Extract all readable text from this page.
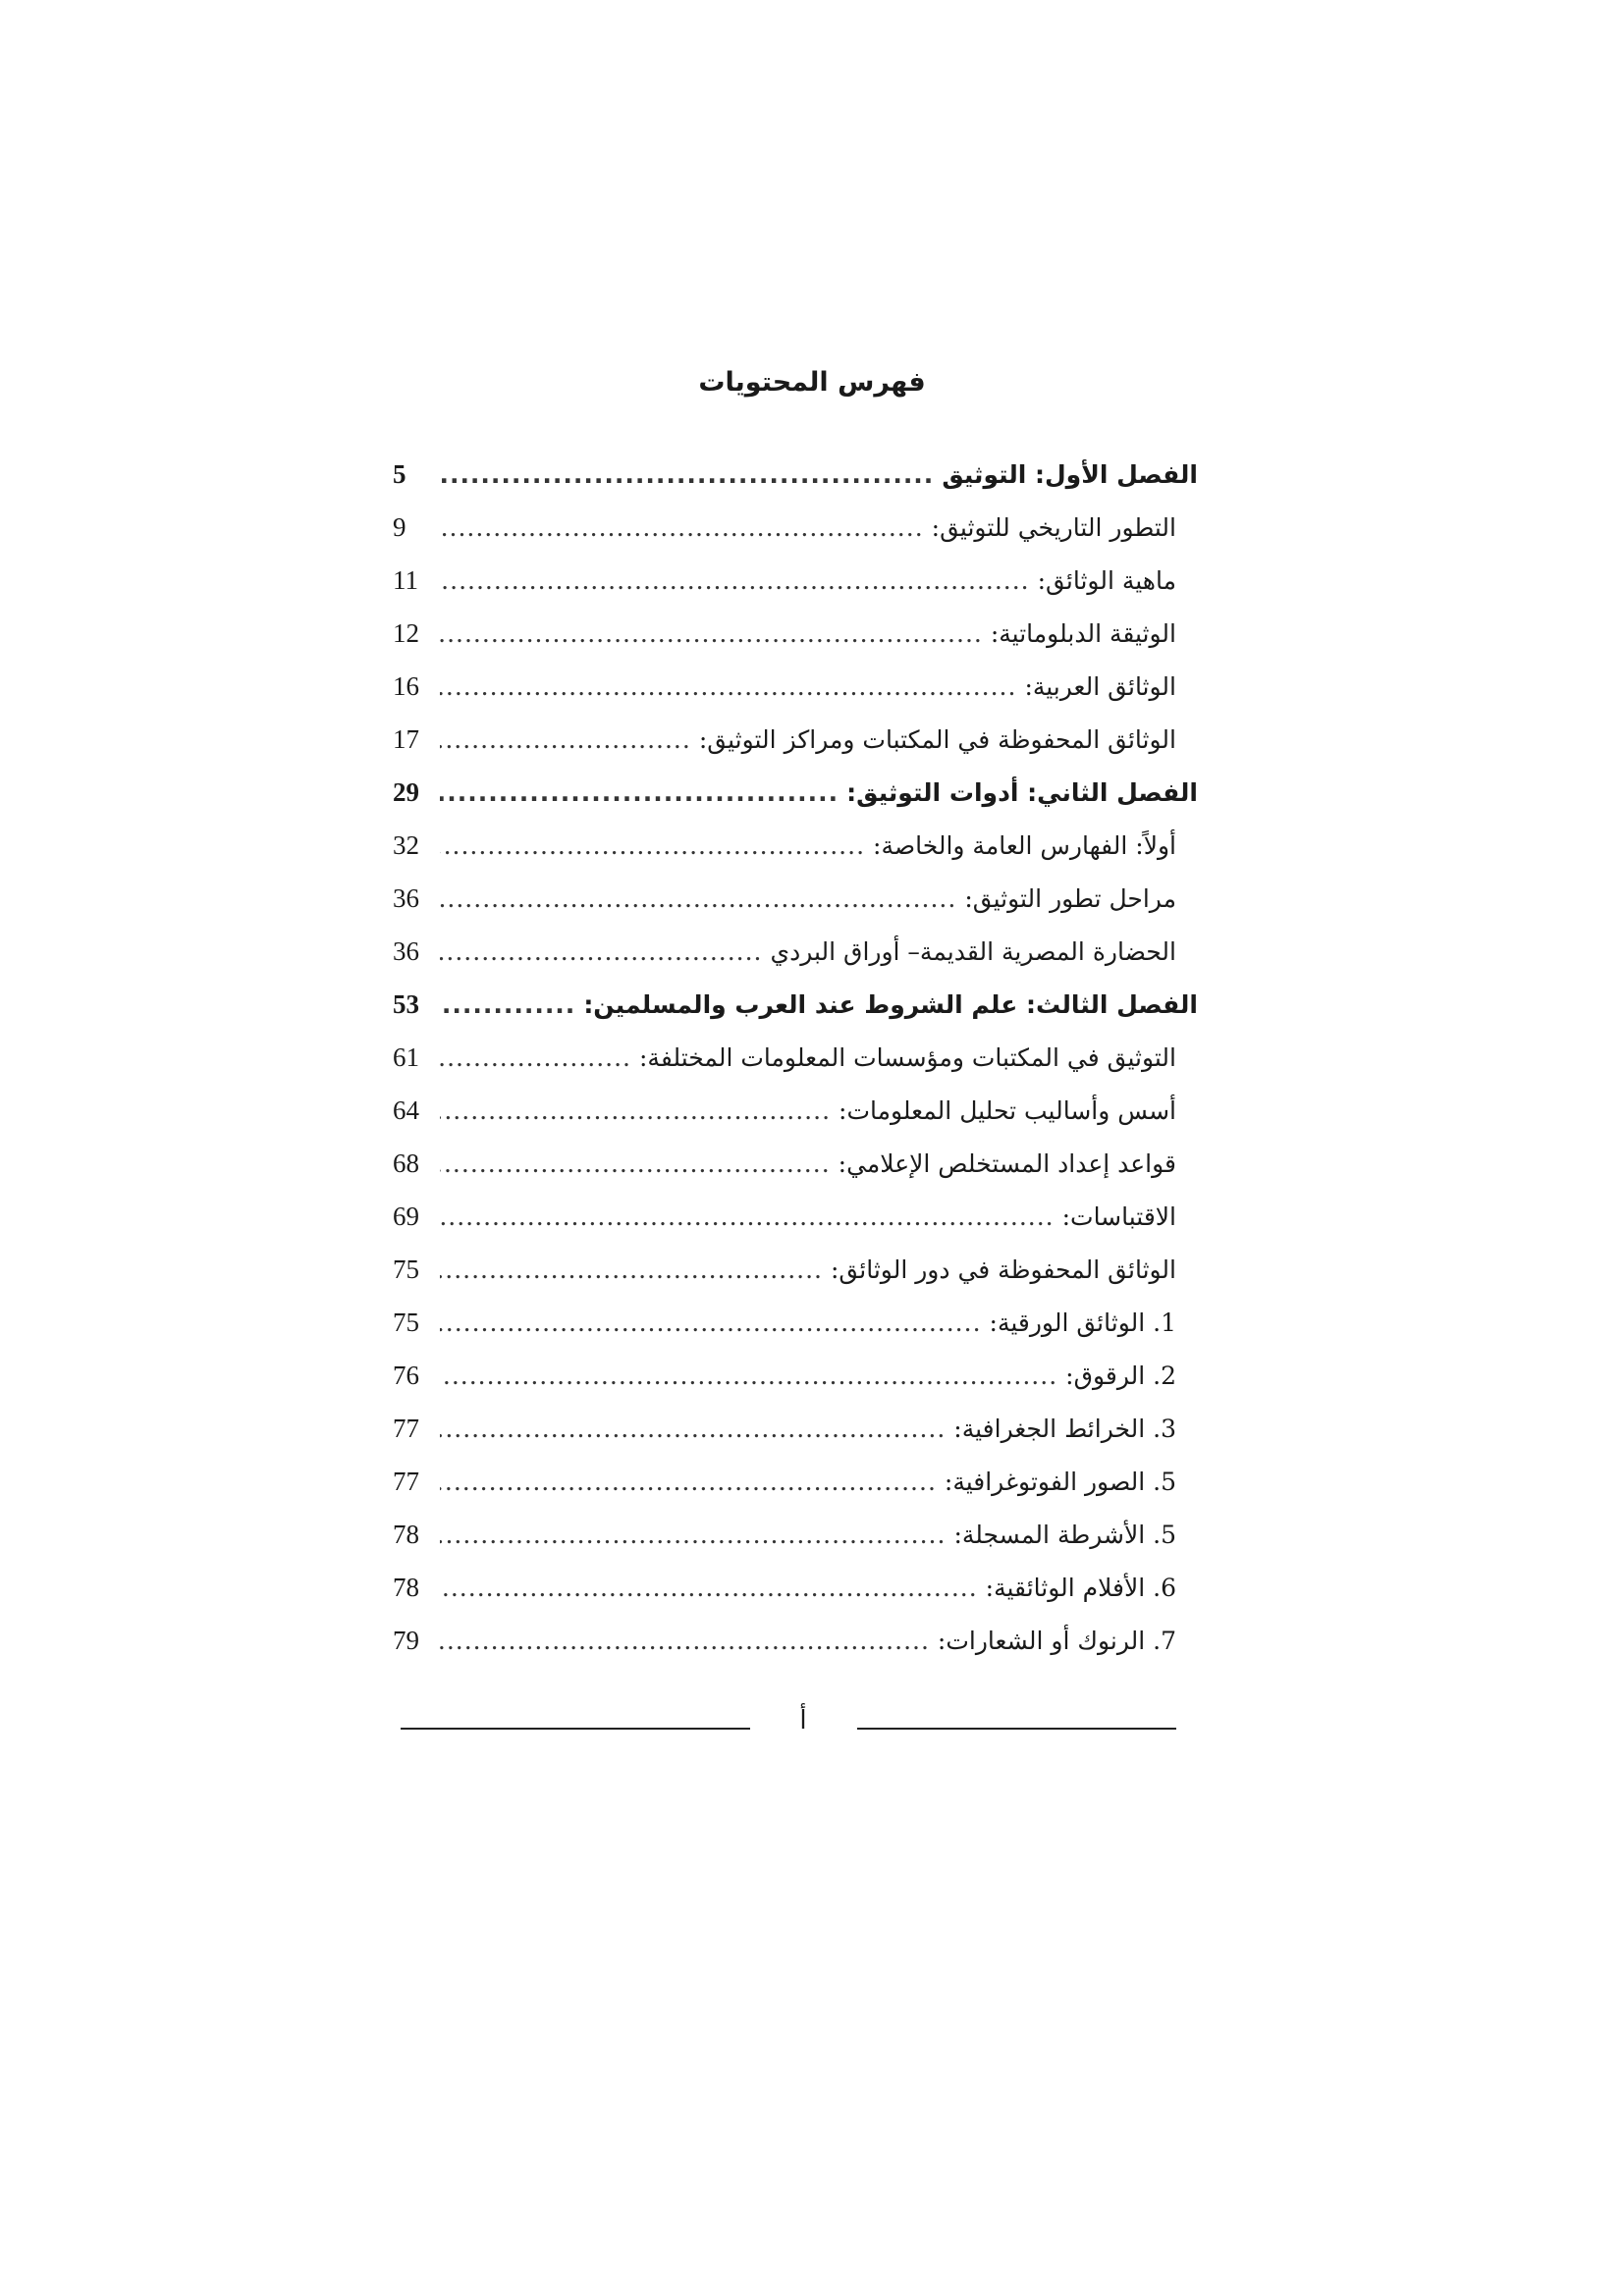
فهرس المحتويات
الفصل الأول: التوثيق
.....
5
التطور التاريخي للتوثيق:
.....
9
ماهية الوثائق:
.....
11
الوثيقة الدبلوماتية:
.....
12
الوثائق العربية:
.....
16
الوثائق المحفوظة في المكتبات ومراكز التوثيق:
.....
17
الفصل الثاني: أدوات التوثيق:
.....
29
أولاً: الفهارس العامة والخاصة:
.....
32
مراحل تطور التوثيق:
.....
36
الحضارة المصرية القديمة– أوراق البردي
.....
36
الفصل الثالث: علم الشروط عند العرب والمسلمين:
.....
53
التوثيق في المكتبات ومؤسسات المعلومات المختلفة:
.....
61
أسس وأساليب تحليل المعلومات:
.....
64
قواعد إعداد المستخلص الإعلامي:
.....
68
الاقتباسات:
.....
69
الوثائق المحفوظة في دور الوثائق:
.....
75
1. الوثائق الورقية:
.....
75
2. الرقوق:
.....
76
3. الخرائط الجغرافية:
.....
77
5. الصور الفوتوغرافية:
.....
77
5. الأشرطة المسجلة:
.....
78
6. الأفلام الوثائقية:
.....
78
7. الرنوك أو الشعارات:
.....
79
أ
